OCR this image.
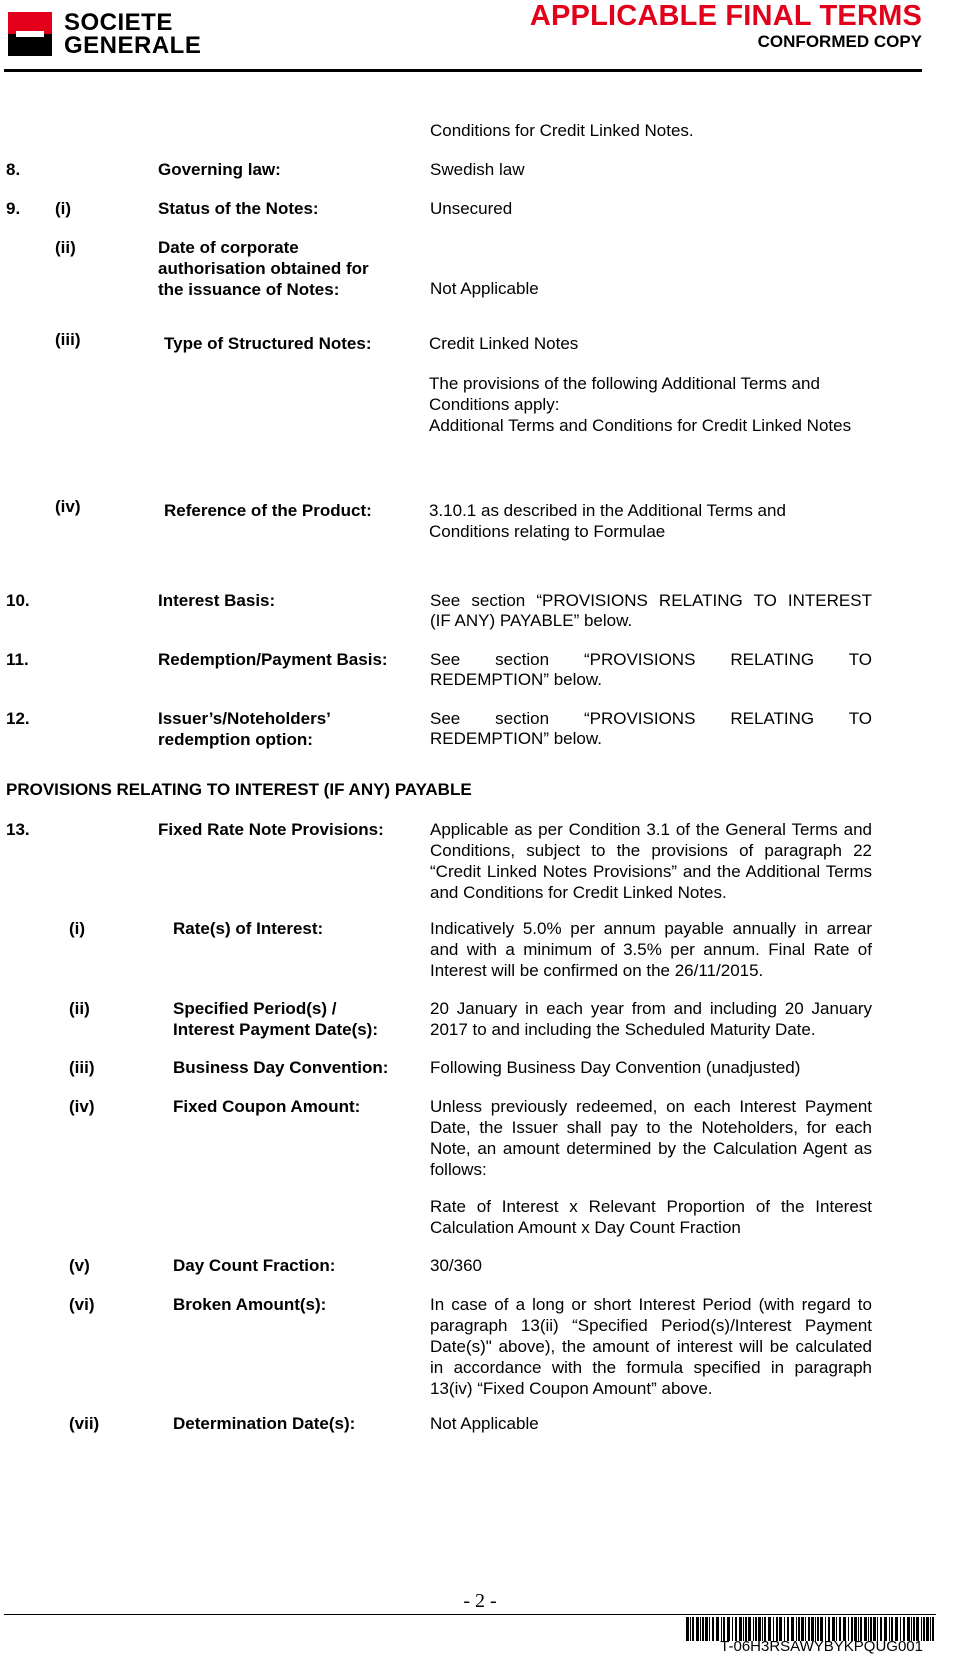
SOCIETE
GENERALE
APPLICABLE FINAL TERMS
CONFORMED COPY
Conditions for Credit Linked Notes.
8.	Governing law:	Swedish law
9. (i)	Status of the Notes:	Unsecured
(ii)	Date of corporate
authorisation obtained for
the issuance of Notes:	Not Applicable
(iii)	Type of Structured Notes:	Credit Linked Notes
The provisions of the following Additional Terms and
Conditions apply:
Additional Terms and Conditions for Credit Linked Notes
(iv)	Reference of the Product:	3.10.1 as described in the Additional Terms and
Conditions relating to Formulae
10.	Interest Basis:	See section “PROVISIONS RELATING TO INTEREST
(IF ANY) PAYABLE” below.
11.	Redemption/Payment Basis: See section “PROVISIONS RELATING TO
REDEMPTION” below.
12.	Issuer’s/Noteholders’
redemption option:
See section “PROVISIONS RELATING TO
REDEMPTION” below.
PROVISIONS RELATING TO INTEREST (IF ANY) PAYABLE
13.	Fixed Rate Note Provisions:	Applicable as per Condition 3.1 of the General Terms and Conditions, subject to the provisions of paragraph 22 “Credit Linked Notes Provisions” and the Additional Terms and Conditions for Credit Linked Notes.
(i)	Rate(s) of Interest:	Indicatively 5.0% per annum payable annually in arrear and with a minimum of 3.5% per annum. Final Rate of Interest will be confirmed on the 26/11/2015.
(ii)	Specified Period(s) /
Interest Payment Date(s):
20 January in each year from and including 20 January 2017 to and including the Scheduled Maturity Date.
(iii)	Business Day Convention: Following Business Day Convention (unadjusted)
(iv)	Fixed Coupon Amount:	Unless previously redeemed, on each Interest Payment Date, the Issuer shall pay to the Noteholders, for each Note, an amount determined by the Calculation Agent as follows:
Rate of Interest x Relevant Proportion of the Interest Calculation Amount x Day Count Fraction
(v)	Day Count Fraction:	30/360
(vi)	Broken Amount(s):	In case of a long or short Interest Period (with regard to paragraph 13(ii) “Specified Period(s)/Interest Payment Date(s)" above), the amount of interest will be calculated in accordance with the formula specified in paragraph 13(iv) “Fixed Coupon Amount” above.
(vii)	Determination Date(s):	Not Applicable
- 2 -
T-06H3RSAWYBYKPQUG001
